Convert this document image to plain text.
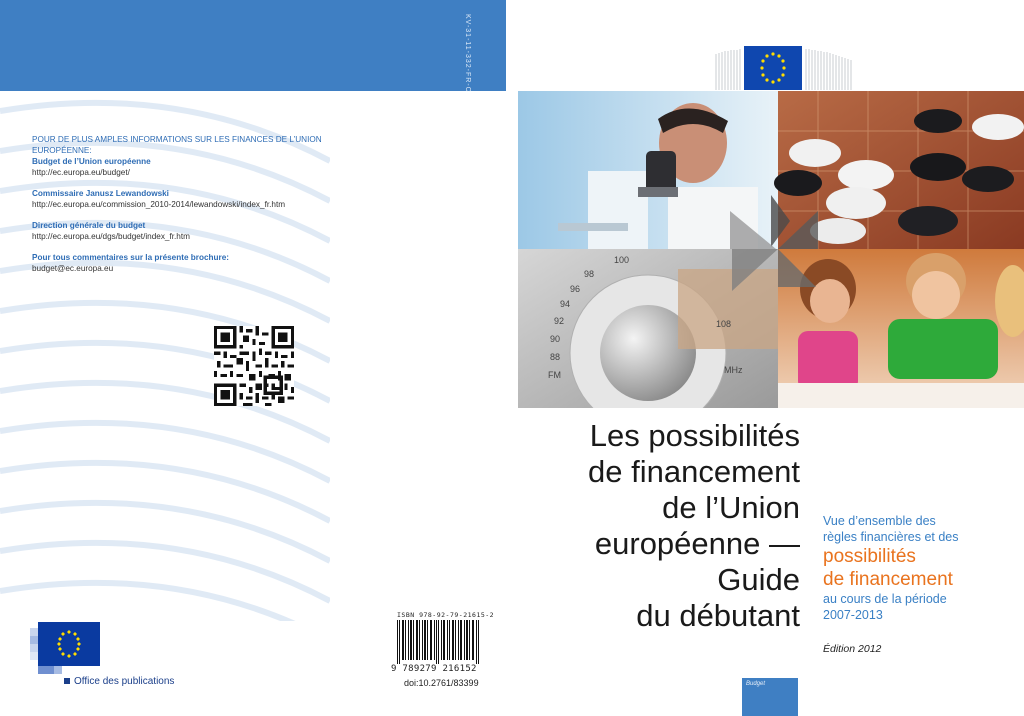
KV-31-11-332-FR-C
POUR DE PLUS AMPLES INFORMATIONS SUR LES FINANCES DE L’UNION EUROPÉENNE:
Budget de l’Union européenne
http://ec.europa.eu/budget/
Commissaire Janusz Lewandowski
http://ec.europa.eu/commission_2010-2014/lewandowski/index_fr.htm
Direction générale du budget
http://ec.europa.eu/dgs/budget/index_fr.htm
Pour tous commentaires sur la présente brochure:
budget@ec.europa.eu
Office des publications
ISBN 978-92-79-21615-2
9 789279 216152
doi:10.2761/83399
100
98
96
94
92
90
88
FM
108
MHz
Les possibilités
de financement
de l’Union
européenne —
Guide
du débutant
Vue d’ensemble des
règles financières et des
possibilités
de financement
au cours de la période
2007-2013
Édition 2012
Budget
